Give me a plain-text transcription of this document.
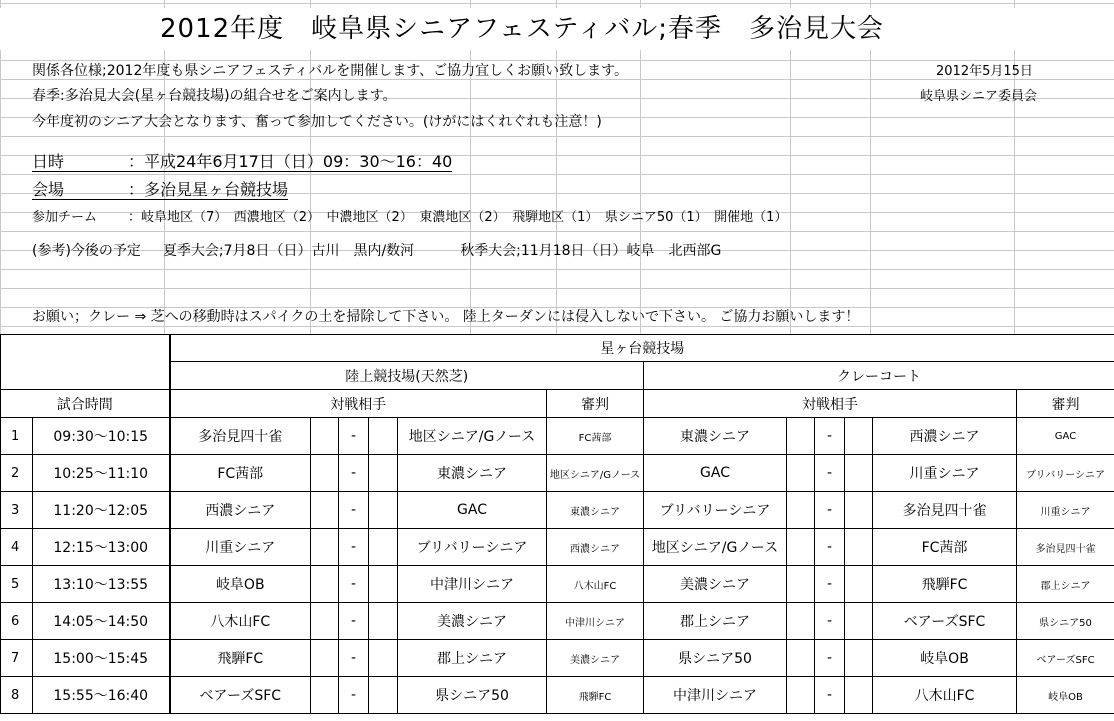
2012年度　岐阜県シニアフェスティバル;春季　多治見大会
関係各位様;2012年度も県シニアフェスティバルを開催します、ご協力宜しくお願い致します。	2012年5月15日
春季:多治見大会(星ヶ台競技場)の組合せをご案内します。	岐阜県シニア委員会
今年度初のシニア大会となります、奮って参加してください。(けがにはくれぐれも注意！)
日時	：平成24年6月17日（日）09：30～16：40
会場	：多治見星ヶ台競技場
参加チーム ：岐阜地区（7）　西濃地区（2）　中濃地区（2）　東濃地区（2）　飛騨地区（1）　県シニア50（1）　開催地（1）
(参考)今後の予定 夏季大会;7月8日（日）古川　黒内/数河	秋季大会;11月18日（日）岐阜　北西部G
お願い；クレー ⇒ 芝への移動時はスパイクの土を掃除して下さい。 陸上ターダンには侵入しないで下さい。 ご協力お願いします！
		星ヶ台競技場											
		陸上競技場(天然芝)						クレーコート					
試合時間		対戦相手					審判	対戦相手					審判
1	09:30～10:15	多治見四十雀		-		地区シニア/Gノース	FC茜部	東濃シニア		-		西濃シニア	GAC
2	10:25～11:10	FC茜部		-		東濃シニア	地区シニア/Gノース	GAC		-		川重シニア	ブリバリーシニア
3	11:20～12:05	西濃シニア		-		GAC	東濃シニア	ブリバリーシニア		-		多治見四十雀	川重シニア
4	12:15～13:00	川重シニア		-		ブリバリーシニア	西濃シニア	地区シニア/Gノース		-		FC茜部	多治見四十雀
5	13:10～13:55	岐阜OB		-		中津川シニア	八木山FC	美濃シニア		-		飛騨FC	郡上シニア
6	14:05～14:50	八木山FC		-		美濃シニア	中津川シニア	郡上シニア		-		ベアーズSFC	県シニア50
7	15:00～15:45	飛騨FC		-		郡上シニア	美濃シニア	県シニア50		-		岐阜OB	ベアーズSFC
8	15:55～16:40	ベアーズSFC		-		県シニア50	飛騨FC	中津川シニア		-		八木山FC	岐阜OB
